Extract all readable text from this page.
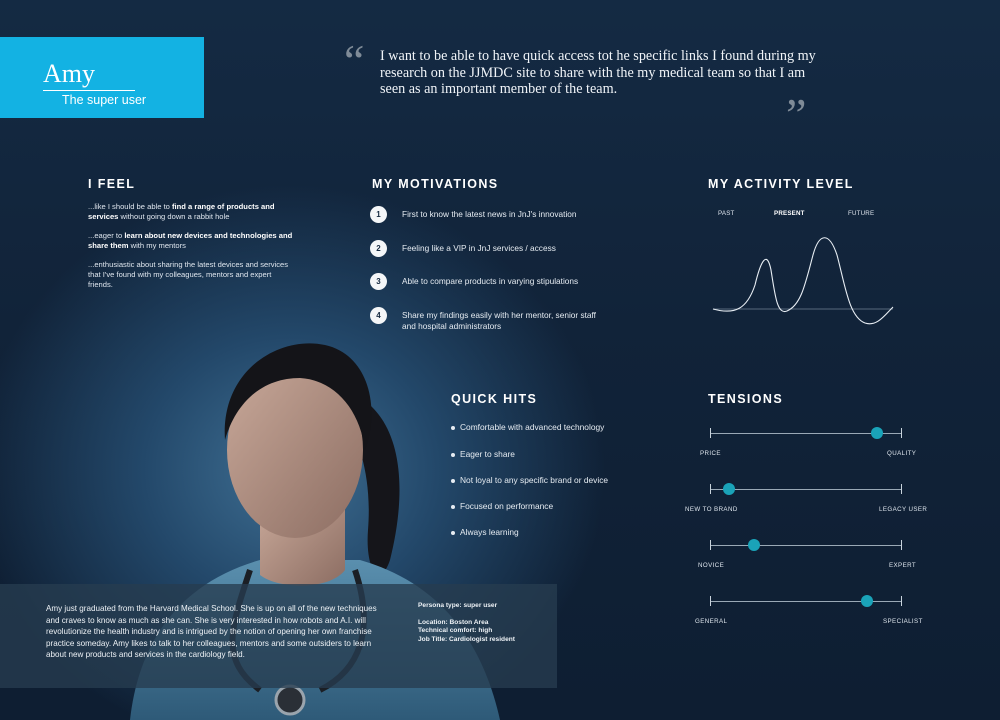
Amy
The super user
“ I want to be able to have quick access tot he specific links I found during my research on the JJMDC site to share with the my medical team so that I am seen as an important member of the team.	”
I FEEL

...like I should be able to find a range of products and services without going down a rabbit hole

...eager to learn about new devices and technologies and share them with my mentors

...enthusiastic about sharing the latest devices and services that I've found with my colleagues, mentors and expert friends.

MY MOTIVATIONS
1	First to know the latest news in JnJ's innovation
2	Feeling like a VIP in JnJ services / access
3	Able to compare products in varying stipulations
4	Share my findings easily with her mentor, senior staff and hospital administrators
MY ACTIVITY LEVEL
PAST	PRESENT	FUTURE
QUICK HITS
Comfortable with advanced technology
Eager to share
Not loyal to any specific brand or device
Focused on performance
Always learning
TENSIONS
PRICE	QUALITY
NEW TO BRAND	LEGACY USER
NOVICE	EXPERT
GENERAL	SPECIALIST
Amy just graduated from the Harvard Medical School. She is up on all of the new techniques and craves to know as much as she can. She is very interested in how robots and A.I. will revolutionize the health industry and is intrigued by the notion of opening her own franchise practice someday. Amy likes to talk to her colleagues, mentors and some outsiders to learn about new products and services in the cardiology field.

Persona type: super user

Location: Boston Area

Technical comfort: high

Job Title: Cardiologist resident
